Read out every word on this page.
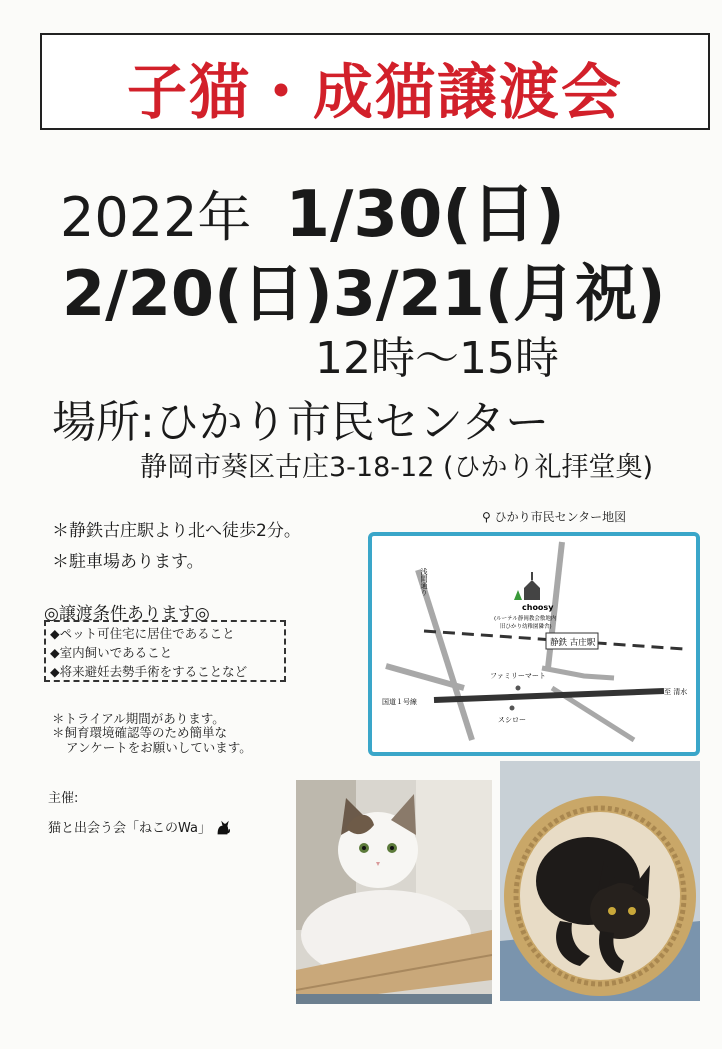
子猫・成猫譲渡会
2022年 1/30(日)
2/20(日)3/21(月祝)
12時～15時
場所:ひかり市民センター
静岡市葵区古庄3-18-12 (ひかり礼拝堂奥)
＊静鉄古庄駅より北へ徒歩2分。
＊駐車場あります。
◎譲渡条件あります◎
◆ペット可住宅に居住であること
◆室内飼いであること
◆将来避妊去勢手術をすることなど
＊トライアル期間があります。
＊飼育環境確認等のため簡単な
アンケートをお願いしています。
主催:
猫と出会う会「ねこのWa」
⚲ ひかり市民センター地図
静鉄 古庄駅
choosy
(ルーテル静岡教会敷地内
旧ひかり幼稚園隣舎)
浅間通り
ファミリーマート
スシロー
国道１号線
至 清水
